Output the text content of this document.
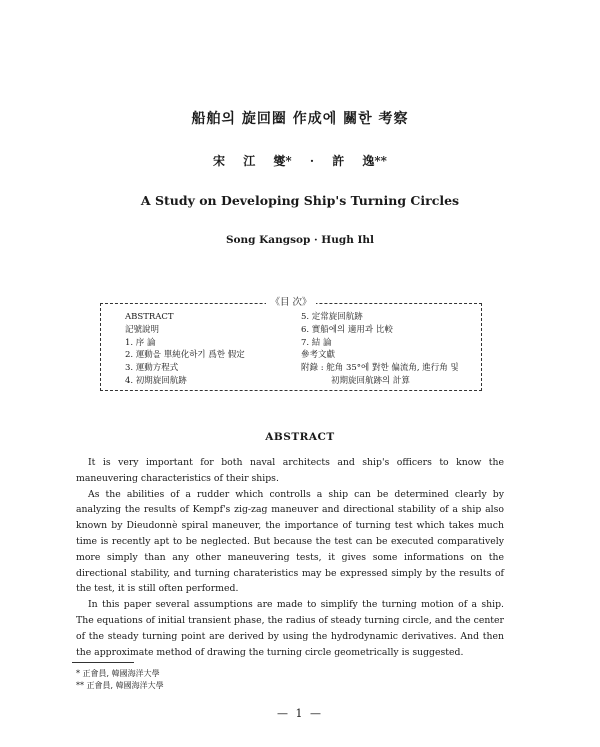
船舶의 旋回圈 作成에 關한 考察
宋 江 燮* · 許 逸**
A Study on Developing Ship's Turning Circles
Song Kangsop · Hugh Ihl
《目 次》
ABSTRACT
記號說明
1. 序 論
2. 運動을 單純化하기 爲한 假定
3. 運動方程式
4. 初期旋回航跡
5. 定常旋回航跡
6. 實船에의 適用과 比較
7. 結 論
參考文獻
附錄 : 舵角 35°에 對한 偏流角, 進行角 및
初期旋回航跡의 計算
ABSTRACT

It is very important for both naval architects and ship's officers to know the maneuvering characteristics of their ships.

As the abilities of a rudder which controlls a ship can be determined clearly by analyzing the results of Kempf's zig-zag maneuver and directional stability of a ship also known by Dieudonnè spiral maneuver, the importance of turning test which takes much time is recently apt to be neglected. But because the test can be executed comparatively more simply than any other maneuvering tests, it gives some informations on the directional stability, and turning charateristics may be expressed simply by the results of the test, it is still often performed.

In this paper several assumptions are made to simplify the turning motion of a ship. The equations of initial transient phase, the radius of steady turning circle, and the center of the steady turning point are derived by using the hydrodynamic derivatives. And then the approximate method of drawing the turning circle geometrically is suggested.

* 正會員, 韓國海洋大學
** 正會員, 韓國海洋大學
— 1 —
